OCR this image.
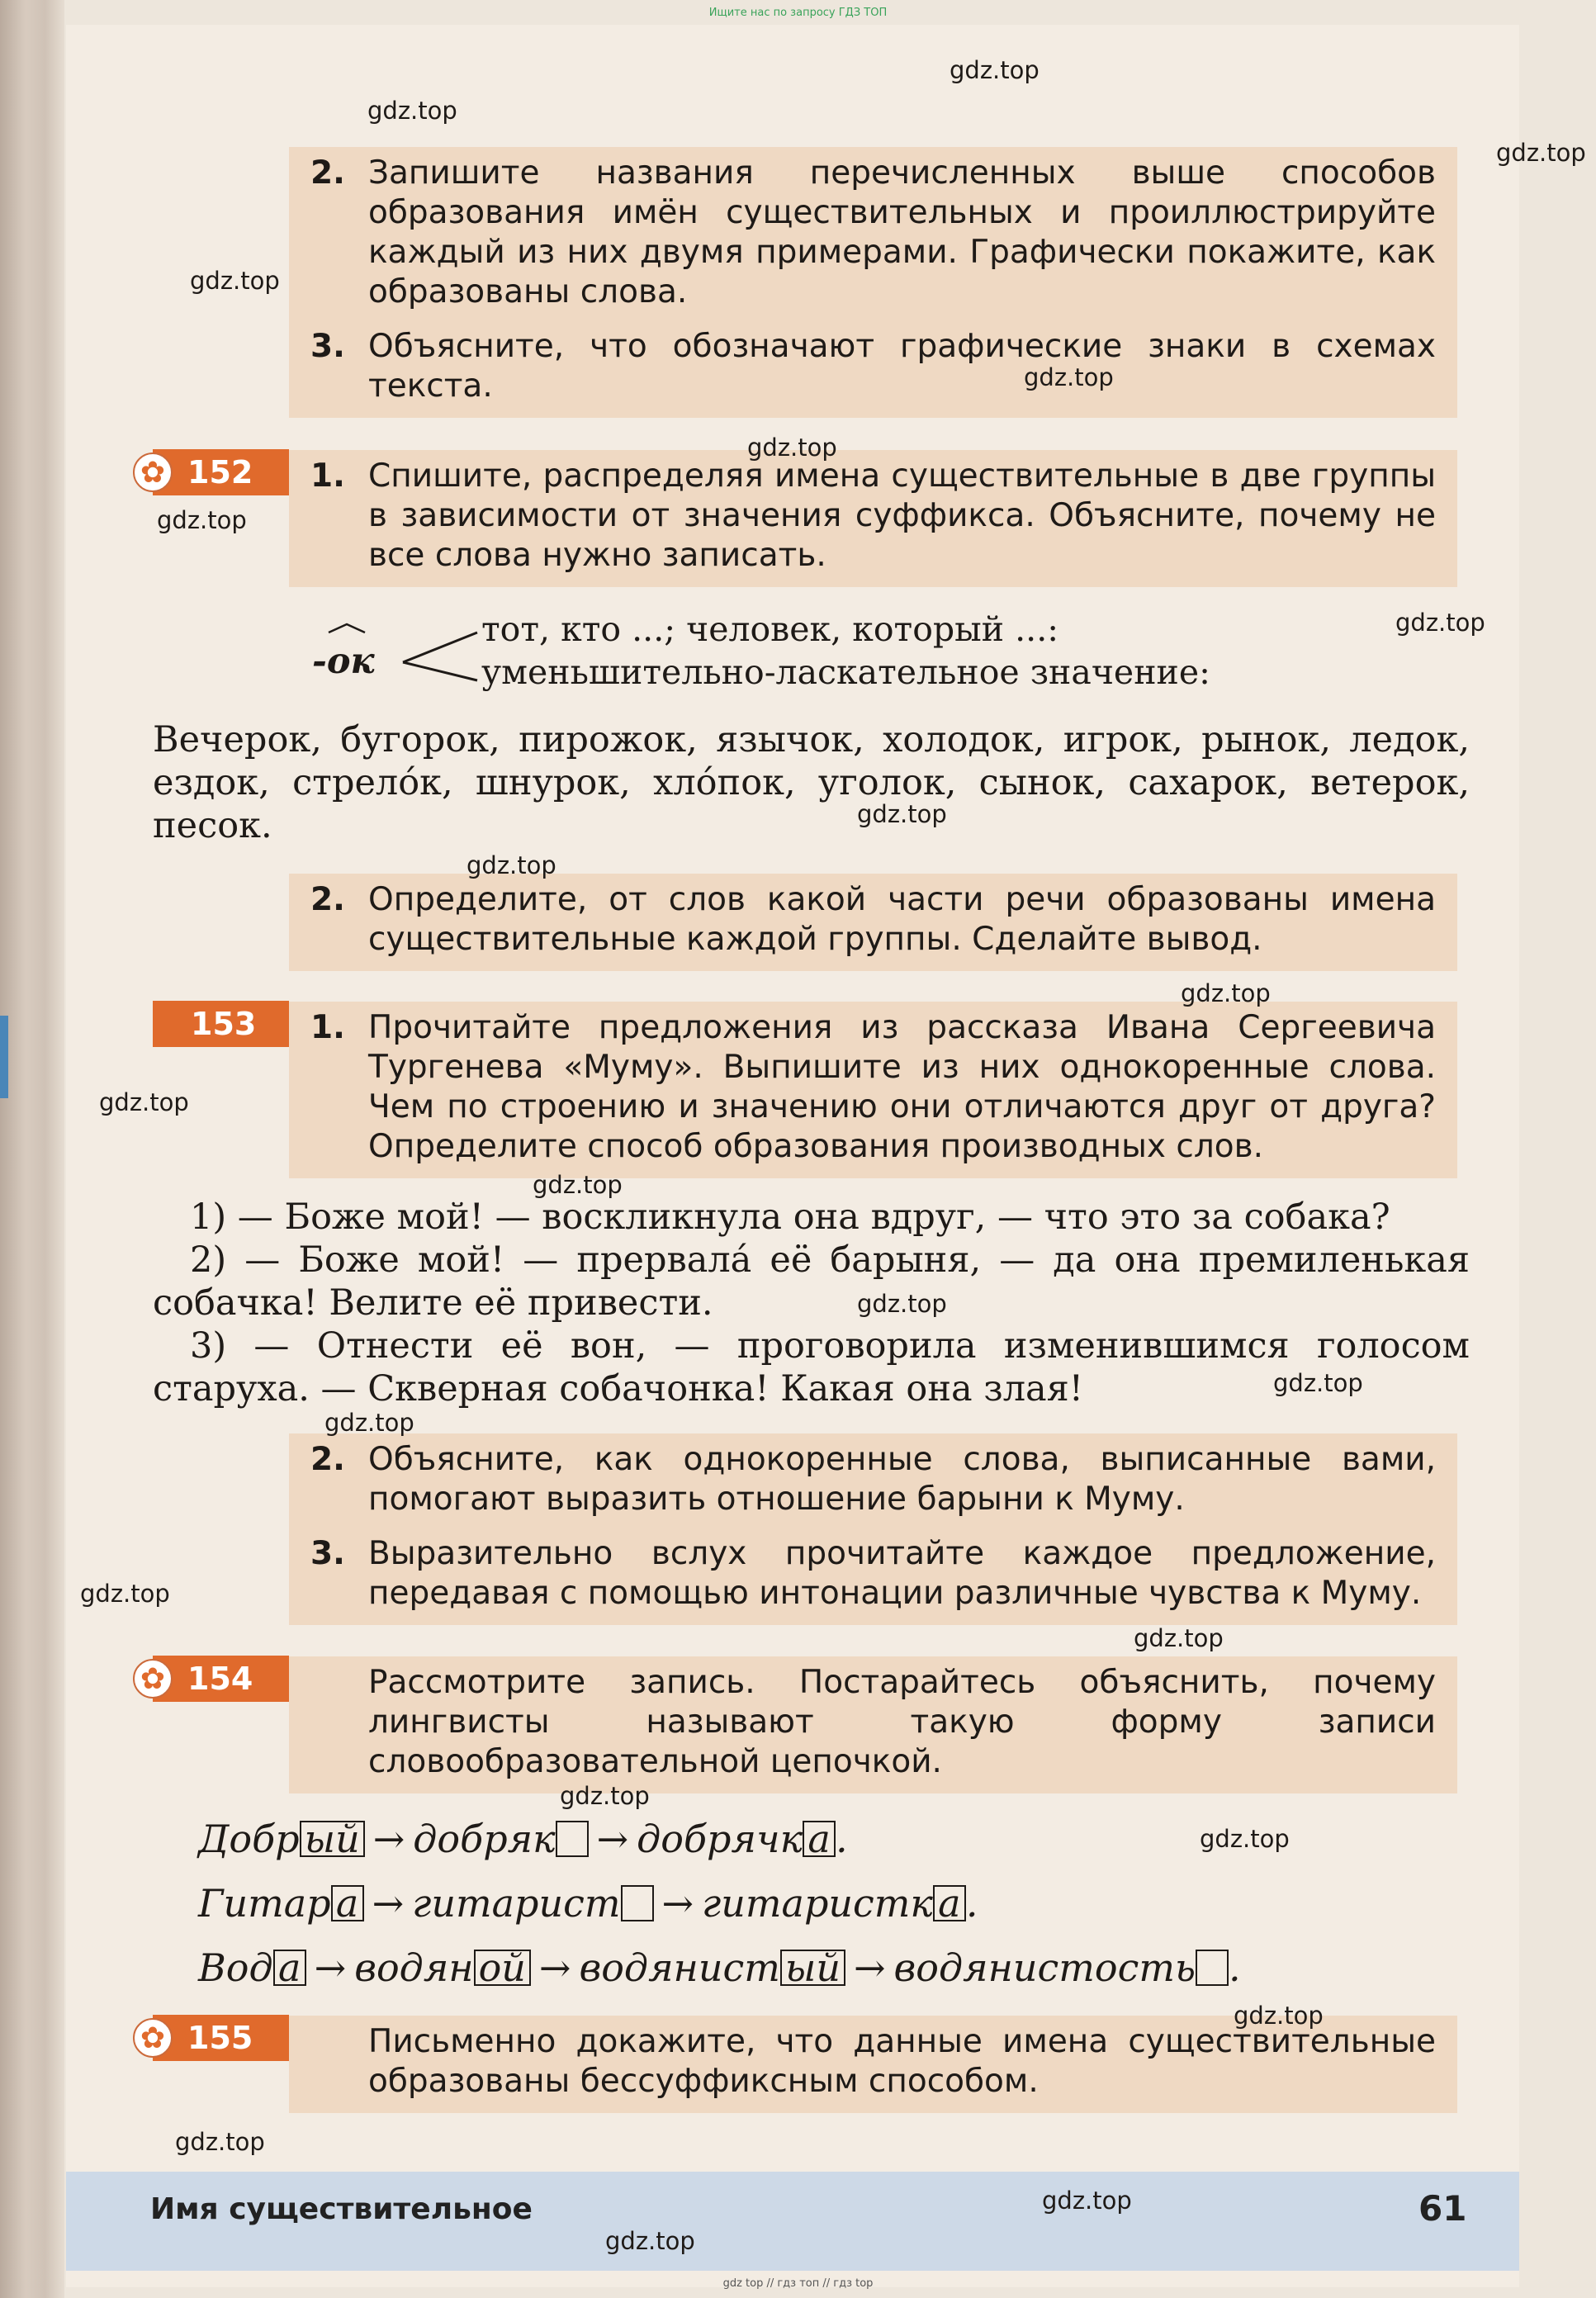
Ищите нас по запросу ГДЗ ТОП
2. Запишите названия перечисленных выше способов образования имён существительных и проиллюстрируйте каждый из них двумя примерами. Графически покажите, как образованы слова.
3. Объясните, что обозначают графические знаки в схемах текста.
✿ 152 1. Спишите, распределяя имена существительные в две группы в зависимости от значения суффикса. Объясните, почему не все слова нужно записать.
-ок
тот, кто ...; человек, который ...:
уменьшительно-ласкательное значение:
Вечерок, бугорок, пирожок, язычок, холодок, игрок, рынок, ледок, ездок, стрелóк, шнурок, хлóпок, уголок, сынок, сахарок, ветерок, песок.
2. Определите, от слов какой части речи образованы имена существительные каждой группы. Сделайте вывод.
153 1. Прочитайте предложения из рассказа Ивана Сергеевича Тургенева «Муму». Выпишите из них однокоренные слова. Чем по строению и значению они отличаются друг от друга? Определите способ образования производных слов.
1) — Боже мой! — воскликнула она вдруг, — что это за собака?
2) — Боже мой! — прервалá её барыня, — да она премиленькая собачка! Велите её привести.
3) — Отнести её вон, — проговорила изменившимся голосом старуха. — Скверная собачонка! Какая она злая!
2. Объясните, как однокоренные слова, выписанные вами, помогают выразить отношение барыни к Муму.
3. Выразительно вслух прочитайте каждое предложение, передавая с помощью интонации различные чувства к Муму.
✿ 154	Рассмотрите запись. Постарайтесь объяснить, почему лингвисты называют такую форму записи словообразовательной цепочкой.
Добр ый → добряк → добрячк а .
Гитар а → гитарист → гитаристк а .
Вод а → водян ой → водянист ый → водянистость .
✿ 155	Письменно докажите, что данные имена существительные образованы бессуффиксным способом.
Имя существительное	61
gdz top // гдз топ // гдз top
gdz.top
gdz.top
gdz.top
gdz.top
gdz.top
gdz.top
gdz.top
gdz.top
gdz.top
gdz.top
gdz.top
gdz.top
gdz.top
gdz.top
gdz.top
gdz.top
gdz.top
gdz.top
gdz.top
gdz.top
gdz.top
gdz.top
gdz.top
gdz.top
